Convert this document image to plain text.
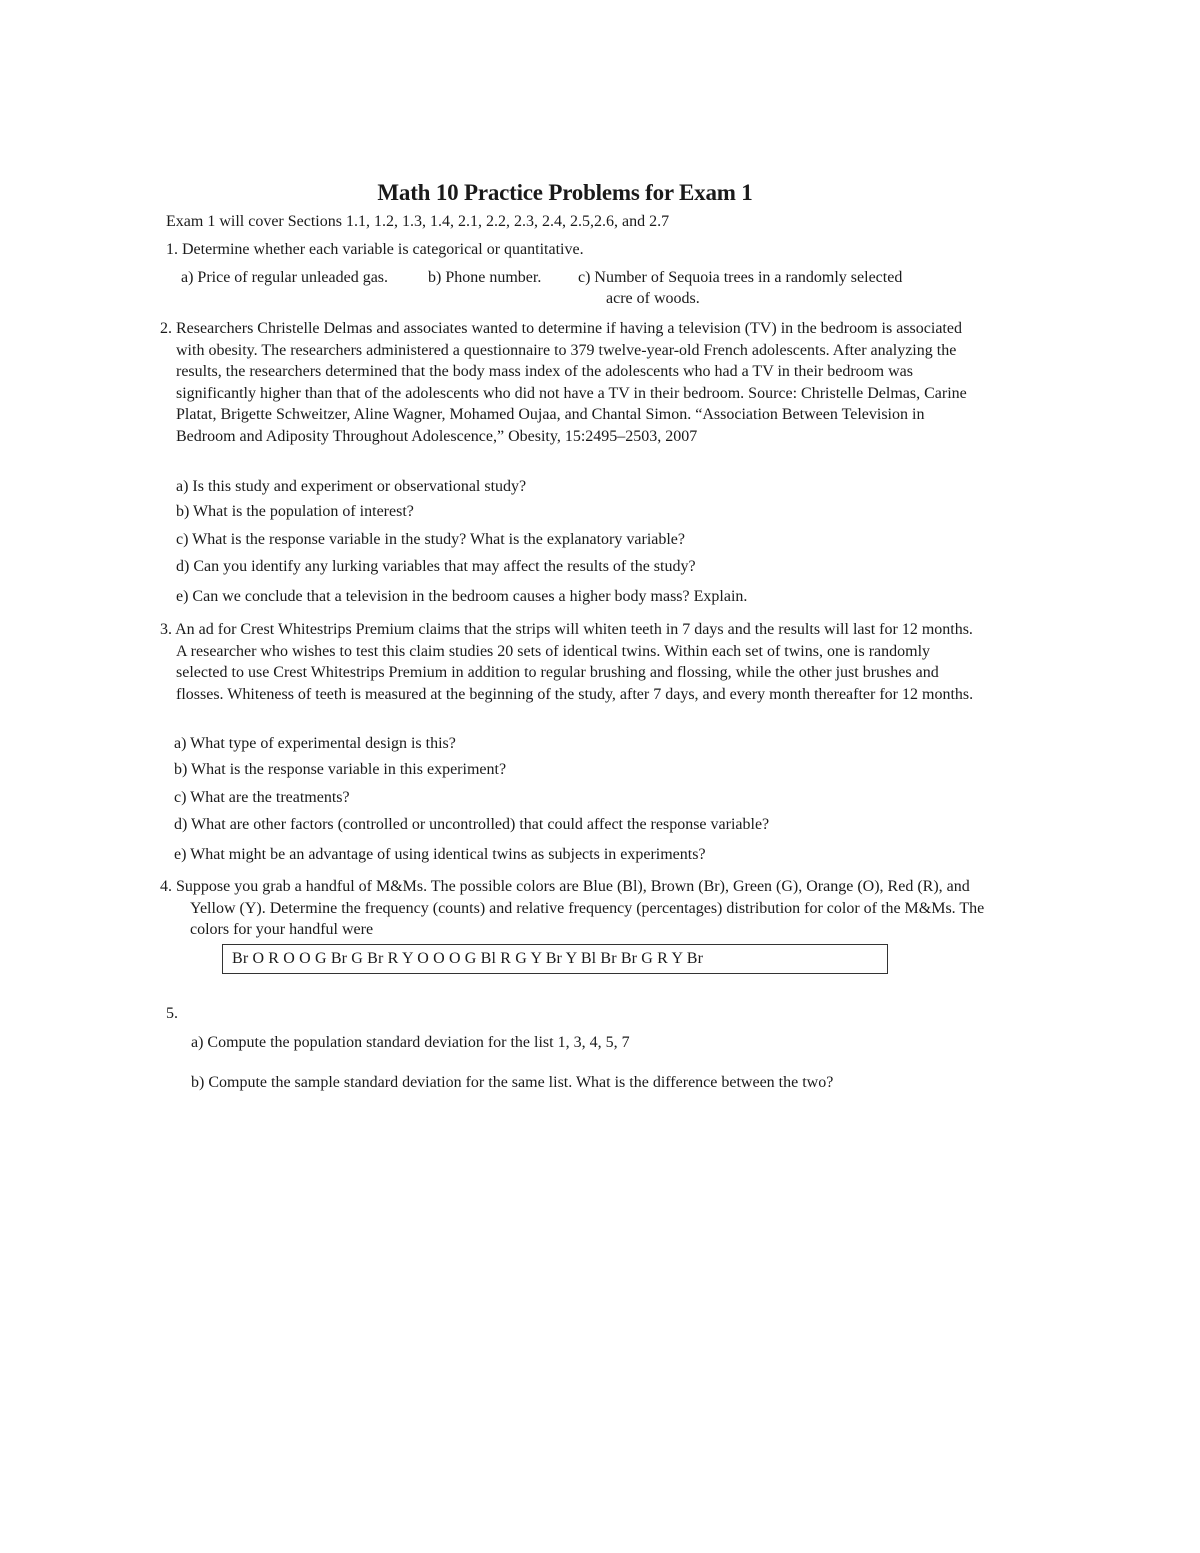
Math 10 Practice Problems for Exam 1
Exam 1 will cover Sections 1.1, 1.2, 1.3, 1.4, 2.1, 2.2, 2.3, 2.4, 2.5,2.6, and 2.7
1. Determine whether each variable is categorical or quantitative.
a) Price of regular unleaded gas. b) Phone number. c) Number of Sequoia trees in a randomly selected
acre of woods.
2. Researchers Christelle Delmas and associates wanted to determine if having a television (TV) in the bedroom is associated with obesity. The researchers administered a questionnaire to 379 twelve-year-old French adolescents. After analyzing the results, the researchers determined that the body mass index of the adolescents who had a TV in their bedroom was significantly higher than that of the adolescents who did not have a TV in their bedroom. Source: Christelle Delmas, Carine Platat, Brigette Schweitzer, Aline Wagner, Mohamed Oujaa, and Chantal Simon. “Association Between Television in Bedroom and Adiposity Throughout Adolescence,” Obesity, 15:2495–2503, 2007
a) Is this study and experiment or observational study?
b) What is the population of interest?
c) What is the response variable in the study? What is the explanatory variable?
d) Can you identify any lurking variables that may affect the results of the study?
e) Can we conclude that a television in the bedroom causes a higher body mass? Explain.
3. An ad for Crest Whitestrips Premium claims that the strips will whiten teeth in 7 days and the results will last for 12 months. A researcher who wishes to test this claim studies 20 sets of identical twins. Within each set of twins, one is randomly selected to use Crest Whitestrips Premium in addition to regular brushing and flossing, while the other just brushes and flosses. Whiteness of teeth is measured at the beginning of the study, after 7 days, and every month thereafter for 12 months.
a) What type of experimental design is this?
b) What is the response variable in this experiment?
c) What are the treatments?
d) What are other factors (controlled or uncontrolled) that could affect the response variable?
e) What might be an advantage of using identical twins as subjects in experiments?
4. Suppose you grab a handful of M&Ms. The possible colors are Blue (Bl), Brown (Br), Green (G), Orange (O), Red (R), and Yellow (Y). Determine the frequency (counts) and relative frequency (percentages) distribution for color of the M&Ms. The colors for your handful were
Br O R O O G Br G Br R Y O O O G Bl R G Y Br Y Bl Br Br G R Y Br
5.
a) Compute the population standard deviation for the list 1, 3, 4, 5, 7
b) Compute the sample standard deviation for the same list. What is the difference between the two?
